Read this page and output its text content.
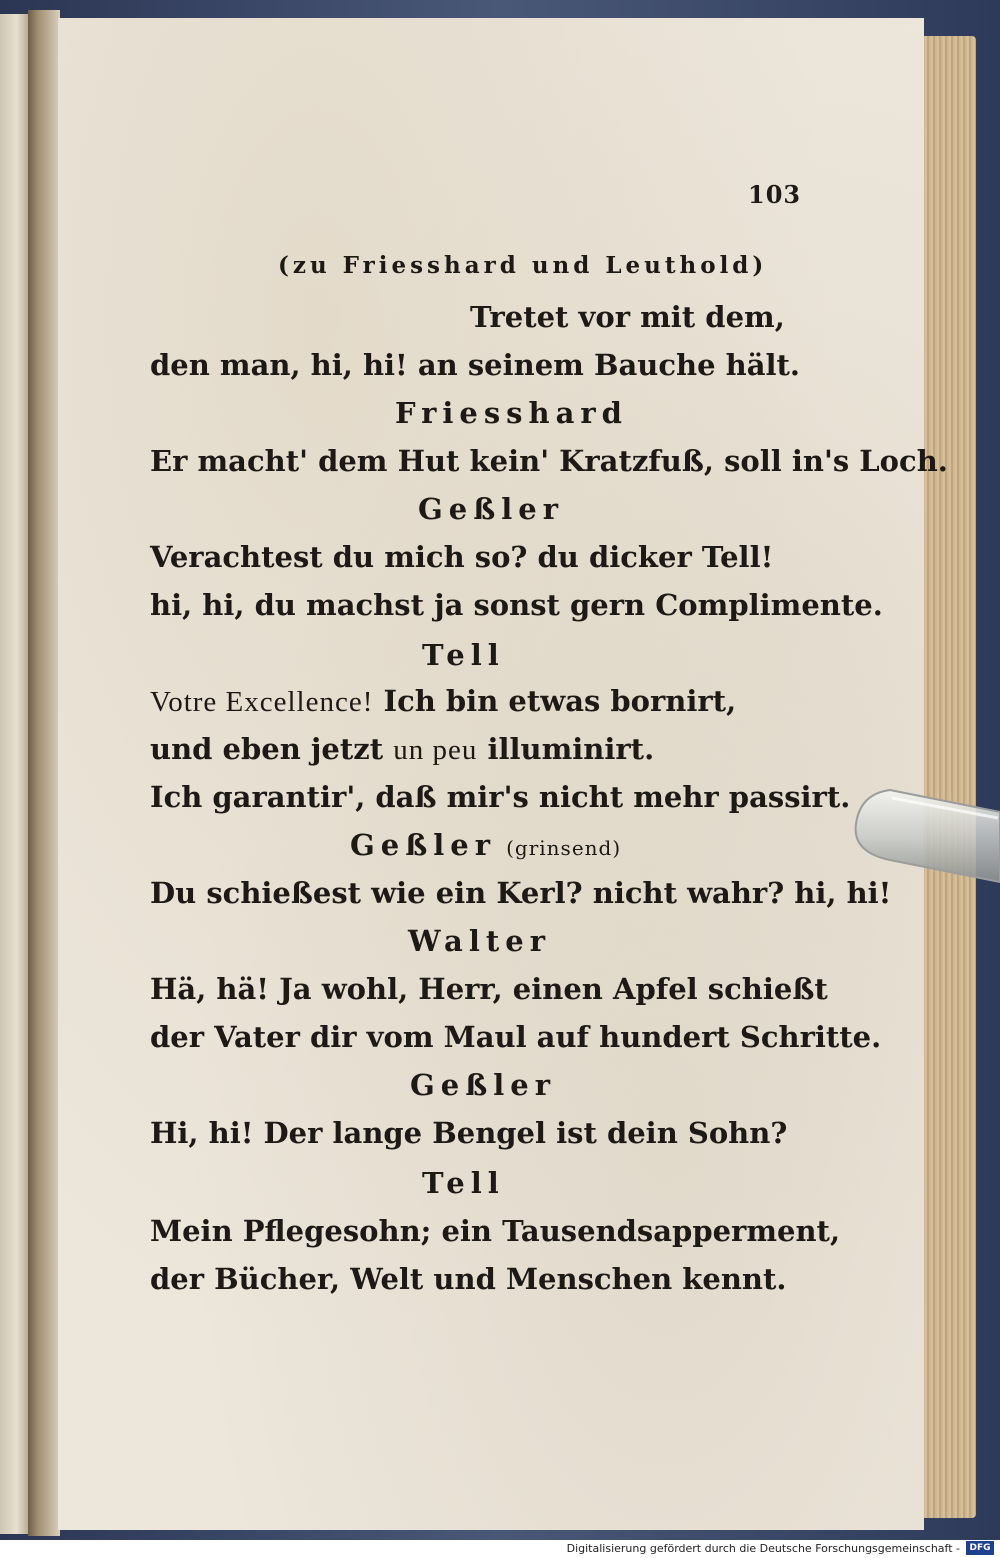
103
(zu Friesshard und Leuthold)
Tretet vor mit dem,
den man, hi, hi! an seinem Bauche hält.
Friesshard
Er macht' dem Hut kein' Kratzfuß, soll in's Loch.
Geßler
Verachtest du mich so? du dicker Tell!
hi, hi, du machst ja sonst gern Complimente.
Tell
Votre Excellence! Ich bin etwas bornirt,
und eben jetzt un peu illuminirt.
Ich garantir', daß mir's nicht mehr passirt.
Geßler (grinsend)
Du schießest wie ein Kerl? nicht wahr? hi, hi!
Walter
Hä, hä! Ja wohl, Herr, einen Apfel schießt
der Vater dir vom Maul auf hundert Schritte.
Geßler
Hi, hi! Der lange Bengel ist dein Sohn?
Tell
Mein Pflegesohn; ein Tausendsapperment,
der Bücher, Welt und Menschen kennt.
Digitalisierung gefördert durch die Deutsche Forschungsgemeinschaft -	DFG
